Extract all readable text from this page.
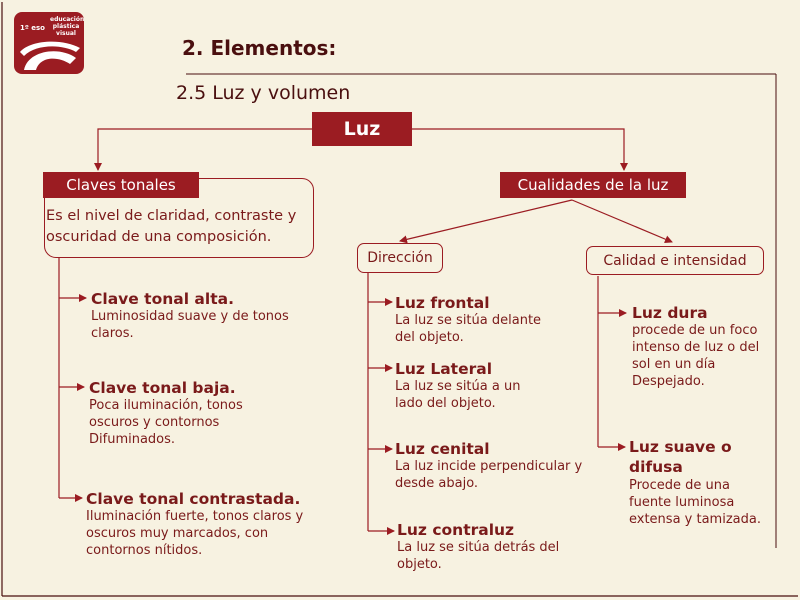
1º eso
educación
plástica
visual
2. Elementos:
2.5 Luz y volumen
Luz
Claves tonales
Es el nivel de claridad, contraste y oscuridad de una composición.
Clave tonal alta.
Luminosidad suave y de tonos claros.
Clave tonal baja.
Poca iluminación, tonos oscuros y contornos Difuminados.
Clave tonal contrastada.
Iluminación fuerte, tonos claros y oscuros muy marcados, con contornos nítidos.
Cualidades de la luz
Dirección	Calidad e intensidad
Luz frontal
La luz se sitúa delante del objeto.
Luz Lateral
La luz se sitúa a un lado del objeto.
Luz cenital
La luz incide perpendicular y desde abajo.
Luz contraluz
La luz se sitúa detrás del objeto.
Luz dura
procede de un foco intenso de luz o del sol en un día Despejado.
Luz suave o difusa
Procede de una fuente luminosa extensa y tamizada.
